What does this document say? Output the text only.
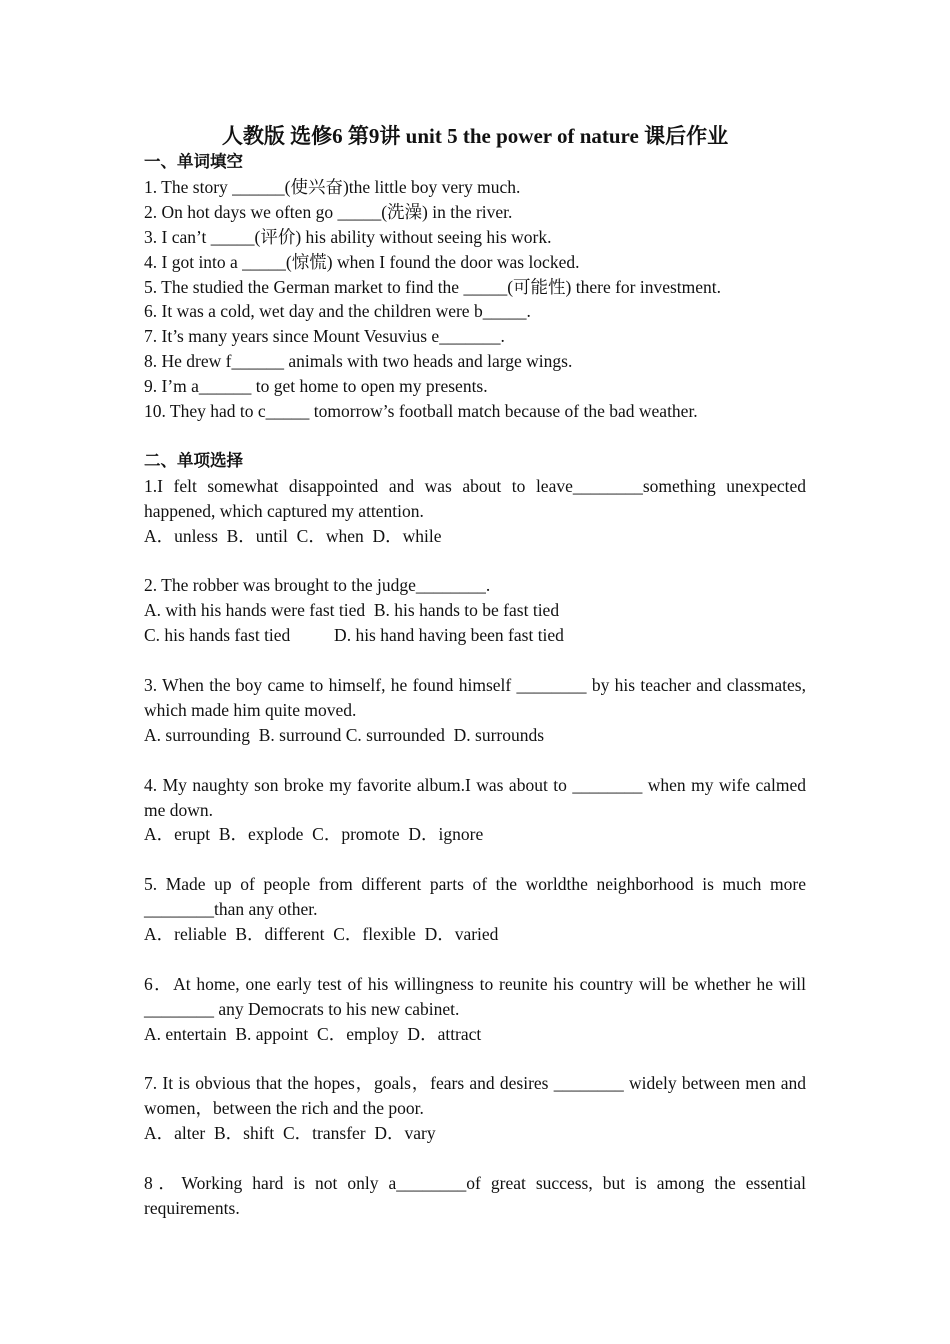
人教版 选修6 第9讲 unit 5 the power of nature 课后作业

一、单词填空

1. The story ______(使兴奋)the little boy very much.

2. On hot days we often go _____(洗澡) in the river.

3. I can’t _____(评价) his ability without seeing his work.

4. I got into a _____(惊慌) when I found the door was locked.

5. The studied the German market to find the _____(可能性) there for investment.

6. It was a cold, wet day and the children were b_____.

7. It’s many years since Mount Vesuvius e_______.

8. He drew f______ animals with two heads and large wings.

9. I’m a______ to get home to open my presents.

10. They had to c_____ tomorrow’s football match because of the bad weather.

二、单项选择

1.I felt somewhat disappointed and was about to leave________something unexpected happened, which captured my attention.

A．unless  B．until  C．when  D．while

2. The robber was brought to the judge________.

A. with his hands were fast tied  B. his hands to be fast tied

C. his hands fast tied          D. his hand having been fast tied

3. When the boy came to himself, he found himself ________ by his teacher and classmates, which made him quite moved.

A. surrounding  B. surround C. surrounded  D. surrounds

4. My naughty son broke my favorite album.I was about to ________ when my wife calmed me down.

A．erupt  B．explode  C．promote  D．ignore

5. Made up of people from different parts of the worldthe neighborhood is much more ________than any other.

A．reliable  B．different  C．flexible  D．varied

6．At home, one early test of his willingness to reunite his country will be whether he will ________ any Democrats to his new cabinet.

A. entertain  B. appoint  C．employ  D．attract

7. It is obvious that the hopes，goals，fears and desires ________ widely between men and women，between the rich and the poor.

A．alter  B．shift  C．transfer  D．vary

8．Working hard is not only a________of great success, but is among the essential requirements.
